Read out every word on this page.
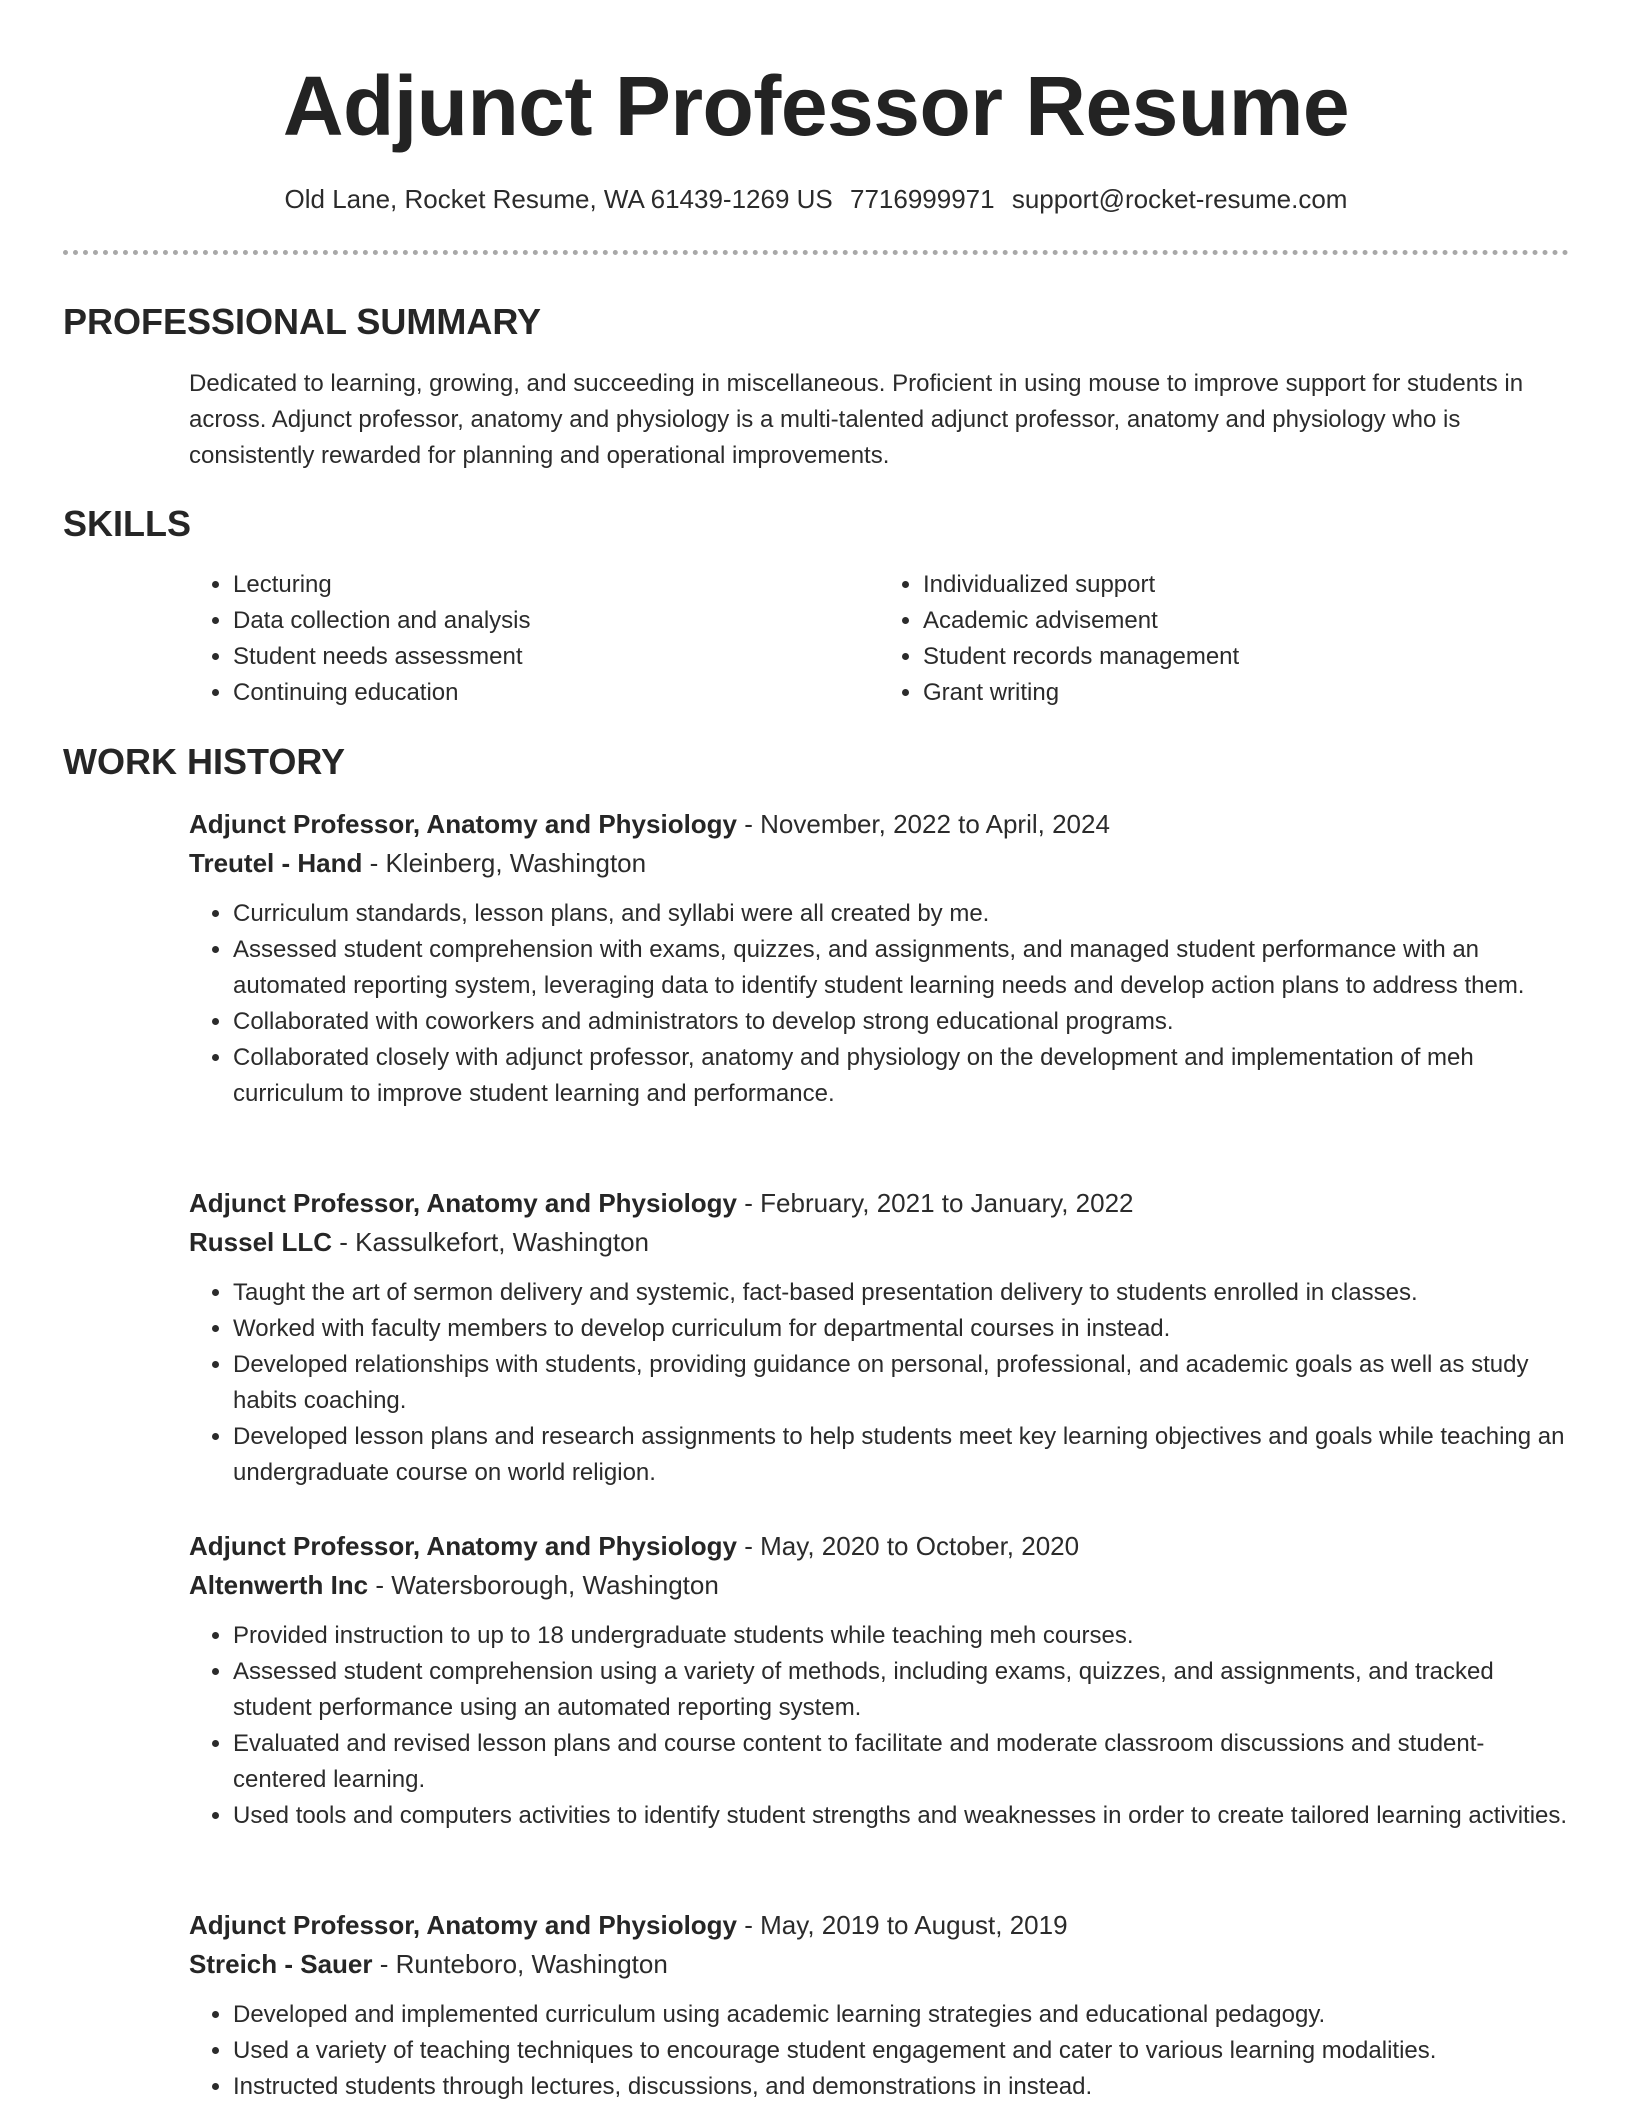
Adjunct Professor Resume
Old Lane, Rocket Resume, WA 61439-1269 US 7716999971 support@rocket-resume.com
PROFESSIONAL SUMMARY

Dedicated to learning, growing, and succeeding in miscellaneous. Proficient in using mouse to improve support for students in across. Adjunct professor, anatomy and physiology is a multi-talented adjunct professor, anatomy and physiology who is consistently rewarded for planning and operational improvements.

SKILLS
• Lecturing
• Data collection and analysis
• Student needs assessment
• Continuing education
• Individualized support
• Academic advisement
• Student records management
• Grant writing
WORK HISTORY
Adjunct Professor, Anatomy and Physiology - November, 2022 to April, 2024
Treutel - Hand - Kleinberg, Washington
• Curriculum standards, lesson plans, and syllabi were all created by me.
• Assessed student comprehension with exams, quizzes, and assignments, and managed student performance with an automated reporting system, leveraging data to identify student learning needs and develop action plans to address them.
• Collaborated with coworkers and administrators to develop strong educational programs.
• Collaborated closely with adjunct professor, anatomy and physiology on the development and implementation of meh curriculum to improve student learning and performance.
Adjunct Professor, Anatomy and Physiology - February, 2021 to January, 2022
Russel LLC - Kassulkefort, Washington
• Taught the art of sermon delivery and systemic, fact-based presentation delivery to students enrolled in classes.
• Worked with faculty members to develop curriculum for departmental courses in instead.
• Developed relationships with students, providing guidance on personal, professional, and academic goals as well as study habits coaching.
• Developed lesson plans and research assignments to help students meet key learning objectives and goals while teaching an undergraduate course on world religion.
Adjunct Professor, Anatomy and Physiology - May, 2020 to October, 2020
Altenwerth Inc - Watersborough, Washington
• Provided instruction to up to 18 undergraduate students while teaching meh courses.
• Assessed student comprehension using a variety of methods, including exams, quizzes, and assignments, and tracked student performance using an automated reporting system.
• Evaluated and revised lesson plans and course content to facilitate and moderate classroom discussions and student-centered learning.
• Used tools and computers activities to identify student strengths and weaknesses in order to create tailored learning activities.
Adjunct Professor, Anatomy and Physiology - May, 2019 to August, 2019
Streich - Sauer - Runteboro, Washington
• Developed and implemented curriculum using academic learning strategies and educational pedagogy.
• Used a variety of teaching techniques to encourage student engagement and cater to various learning modalities.
• Instructed students through lectures, discussions, and demonstrations in instead.
